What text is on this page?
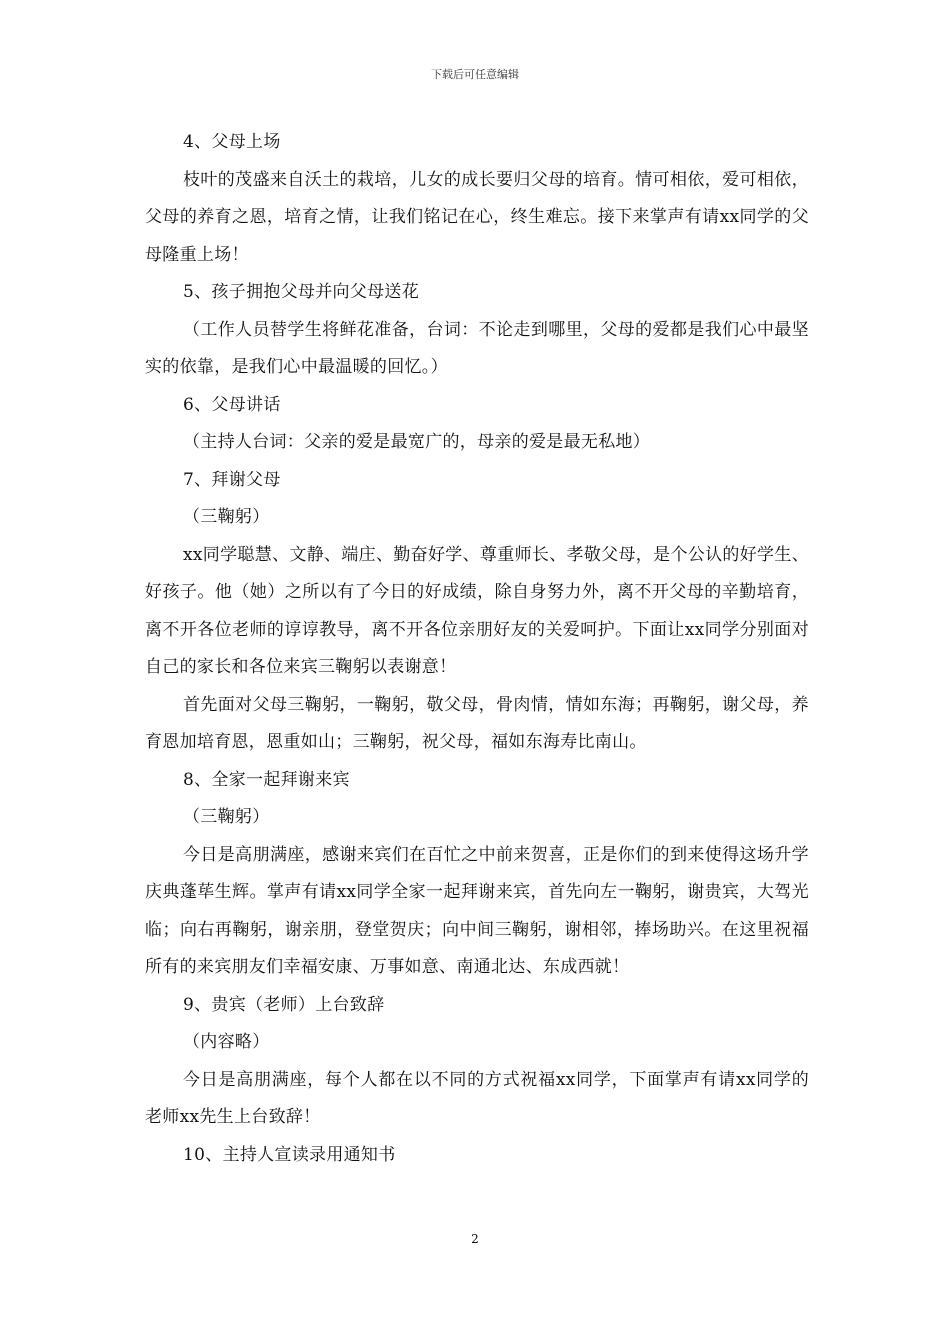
下载后可任意编辑

4、父母上场

枝叶的茂盛来自沃土的栽培，儿女的成长要归父母的培育。情可相依，爱可相依，父母的养育之恩，培育之情，让我们铭记在心，终生难忘。接下来掌声有请xx同学的父母隆重上场！

5、孩子拥抱父母并向父母送花

（工作人员替学生将鲜花准备，台词：不论走到哪里，父母的爱都是我们心中最坚实的依靠，是我们心中最温暖的回忆。）

6、父母讲话

（主持人台词：父亲的爱是最宽广的，母亲的爱是最无私地）

7、拜谢父母

（三鞠躬）

xx同学聪慧、文静、端庄、勤奋好学、尊重师长、孝敬父母，是个公认的好学生、好孩子。他（她）之所以有了今日的好成绩，除自身努力外，离不开父母的辛勤培育，离不开各位老师的谆谆教导，离不开各位亲朋好友的关爱呵护。下面让xx同学分别面对自己的家长和各位来宾三鞠躬以表谢意！

首先面对父母三鞠躬，一鞠躬，敬父母，骨肉情，情如东海；再鞠躬，谢父母，养育恩加培育恩，恩重如山；三鞠躬，祝父母，福如东海寿比南山。

8、全家一起拜谢来宾

（三鞠躬）

今日是高朋满座，感谢来宾们在百忙之中前来贺喜，正是你们的到来使得这场升学庆典蓬荜生辉。掌声有请xx同学全家一起拜谢来宾，首先向左一鞠躬，谢贵宾，大驾光临；向右再鞠躬，谢亲朋，登堂贺庆；向中间三鞠躬，谢相邻，捧场助兴。在这里祝福所有的来宾朋友们幸福安康、万事如意、南通北达、东成西就！

9、贵宾（老师）上台致辞

（内容略）

今日是高朋满座，每个人都在以不同的方式祝福xx同学，下面掌声有请xx同学的老师xx先生上台致辞！

10、主持人宣读录用通知书

2
